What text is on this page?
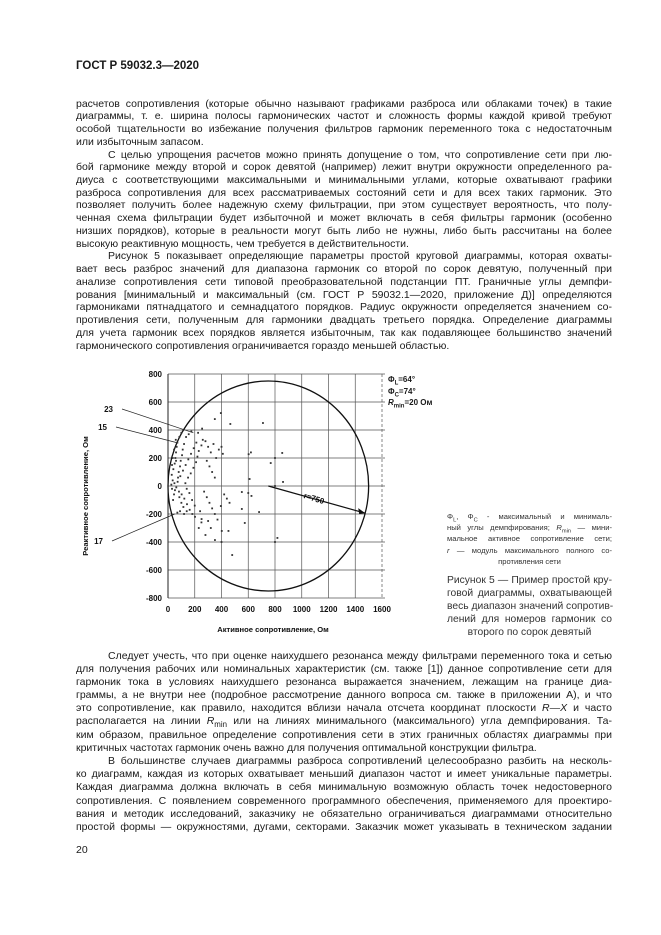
ГОСТ Р 59032.3—2020
расчетов сопротивления (которые обычно называют графиками разброса или облаками точек) в такие
диаграммы, т. е. ширина полосы гармонических частот и сложность формы каждой кривой требуют
особой тщательности во избежание получения фильтров гармоник переменного тока с недостаточным
или избыточным запасом.
С целью упрощения расчетов можно принять допущение о том, что сопротивление сети при лю-
бой гармонике между второй и сорок девятой (например) лежит внутри окружности определенного ра-
диуса с соответствующими максимальными и минимальными углами, которые охватывают графики
разброса сопротивления для всех рассматриваемых состояний сети и для всех таких гармоник. Это
позволяет получить более надежную схему фильтрации, при этом существует вероятность, что полу-
ченная схема фильтрации будет избыточной и может включать в себя фильтры гармоник (особенно
низших порядков), которые в реальности могут быть либо не нужны, либо быть рассчитаны на более
высокую реактивную мощность, чем требуется в действительности.
Рисунок 5 показывает определяющие параметры простой круговой диаграммы, которая охваты-
вает весь разброс значений для диапазона гармоник со второй по сорок девятую, полученный при
анализе сопротивления сети типовой преобразовательной подстанции ПТ. Граничные углы демпфи-
рования [минимальный и максимальный (см. ГОСТ Р 59032.1—2020, приложение Д)] определяются
гармониками пятнадцатого и семнадцатого порядков. Радиус окружности определяется значением со-
противления сети, полученным для гармоники двадцать третьего порядка. Определение диаграммы
для учета гармоник всех порядков является избыточным, так как подавляющее большинство значений
гармонического сопротивления ограничивается гораздо меньшей областью.
0 200 400 600 800 1000 1200 1400 1600
800
600
400
200
0
-200
-400
-600
-800
r=750
23
15
17
Активное сопротивление, Ом
Реактивное сопротивление, Ом
$\Phi_L=64^\circ$
$\Phi_C=74^\circ$
$R_{min}=20$ Ом
$\Phi_L$, $\Phi_C$ - максимальный и минималь-
ный углы демпфирования; $R_{min}$ — мини-
мальное активное сопротивление сети;
r — модуль максимального полного со-
противления сети
Рисунок 5 — Пример простой кру-
говой диаграммы, охватывающей
весь диапазон значений сопротив-
лений для номеров гармоник со
второго по сорок девятый
Следует учесть, что при оценке наихудшего резонанса между фильтрами переменного тока и сетью
для получения рабочих или номинальных характеристик (см. также [1]) данное сопротивление сети для
гармоник тока в условиях наихудшего резонанса выражается значением, лежащим на границе диа-
граммы, а не внутри нее (подробное рассмотрение данного вопроса см. также в приложении А), и что
это сопротивление, как правило, находится вблизи начала отсчета координат плоскости R—X и часто
располагается на линии $R_{min}$ или на линиях минимального (максимального) угла демпфирования. Та-
ким образом, правильное определение сопротивления сети в этих граничных областях диаграммы при
критичных частотах гармоник очень важно для получения оптимальной конструкции фильтра.
В большинстве случаев диаграммы разброса сопротивлений целесообразно разбить на несколь-
ко диаграмм, каждая из которых охватывает меньший диапазон частот и имеет уникальные параметры.
Каждая диаграмма должна включать в себя минимальную возможную область точек недостоверного
сопротивления. С появлением современного программного обеспечения, применяемого для проектиро-
вания и методик исследований, заказчику не обязательно ограничиваться диаграммами относительно
простой формы — окружностями, дугами, секторами. Заказчик может указывать в техническом задании
20
